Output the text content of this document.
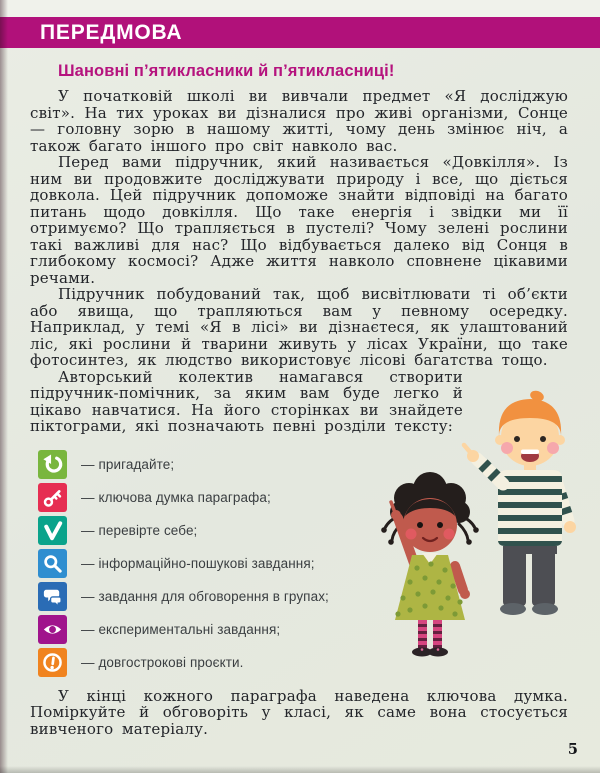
ПЕРЕДМОВА
Шановні п’ятикласники й п’ятикласниці!

У початковій школі ви вивчали предмет «Я досліджую світ». На тих уроках ви дізналися про живі організми, Сонце — головну зорю в нашому житті, чому день змінює ніч, а також багато іншого про світ навколо вас.

Перед вами підручник, який називається «Довкілля». Із ним ви продовжите досліджувати природу і все, що діється довкола. Цей підручник допоможе знайти відповіді на багато питань щодо довкілля. Що таке енергія і звідки ми її отримуємо? Що трапляється в пустелі? Чому зелені рослини такі важливі для нас? Що відбувається далеко від Сонця в глибокому космосі? Адже життя навколо сповнене цікавими речами.

Підручник побудований так, щоб висвітлювати ті об’єкти або явища, що трапляються вам у певному осередку. Наприклад, у темі «Я в лісі» ви дізнаєтеся, як улаштований ліс, які рослини й тварини живуть у лісах України, що таке фотосинтез, як людство використовує лісові багатства тощо.

Авторський колектив намагався створити підручник-помічник, за яким вам буде легко й цікаво навчатися. На його сторінках ви знайдете піктограми, які позначають певні розділи тексту:

— пригадайте;
— ключова думка параграфа;
— перевірте себе;
— інформаційно-пошукові завдання;
— завдання для обговорення в групах;
— експериментальні завдання;
— довгострокові проєкти.

У кінці кожного параграфа наведена ключова думка. Поміркуйте й обговоріть у класі, як саме вона стосується вивченого матеріалу.

5
